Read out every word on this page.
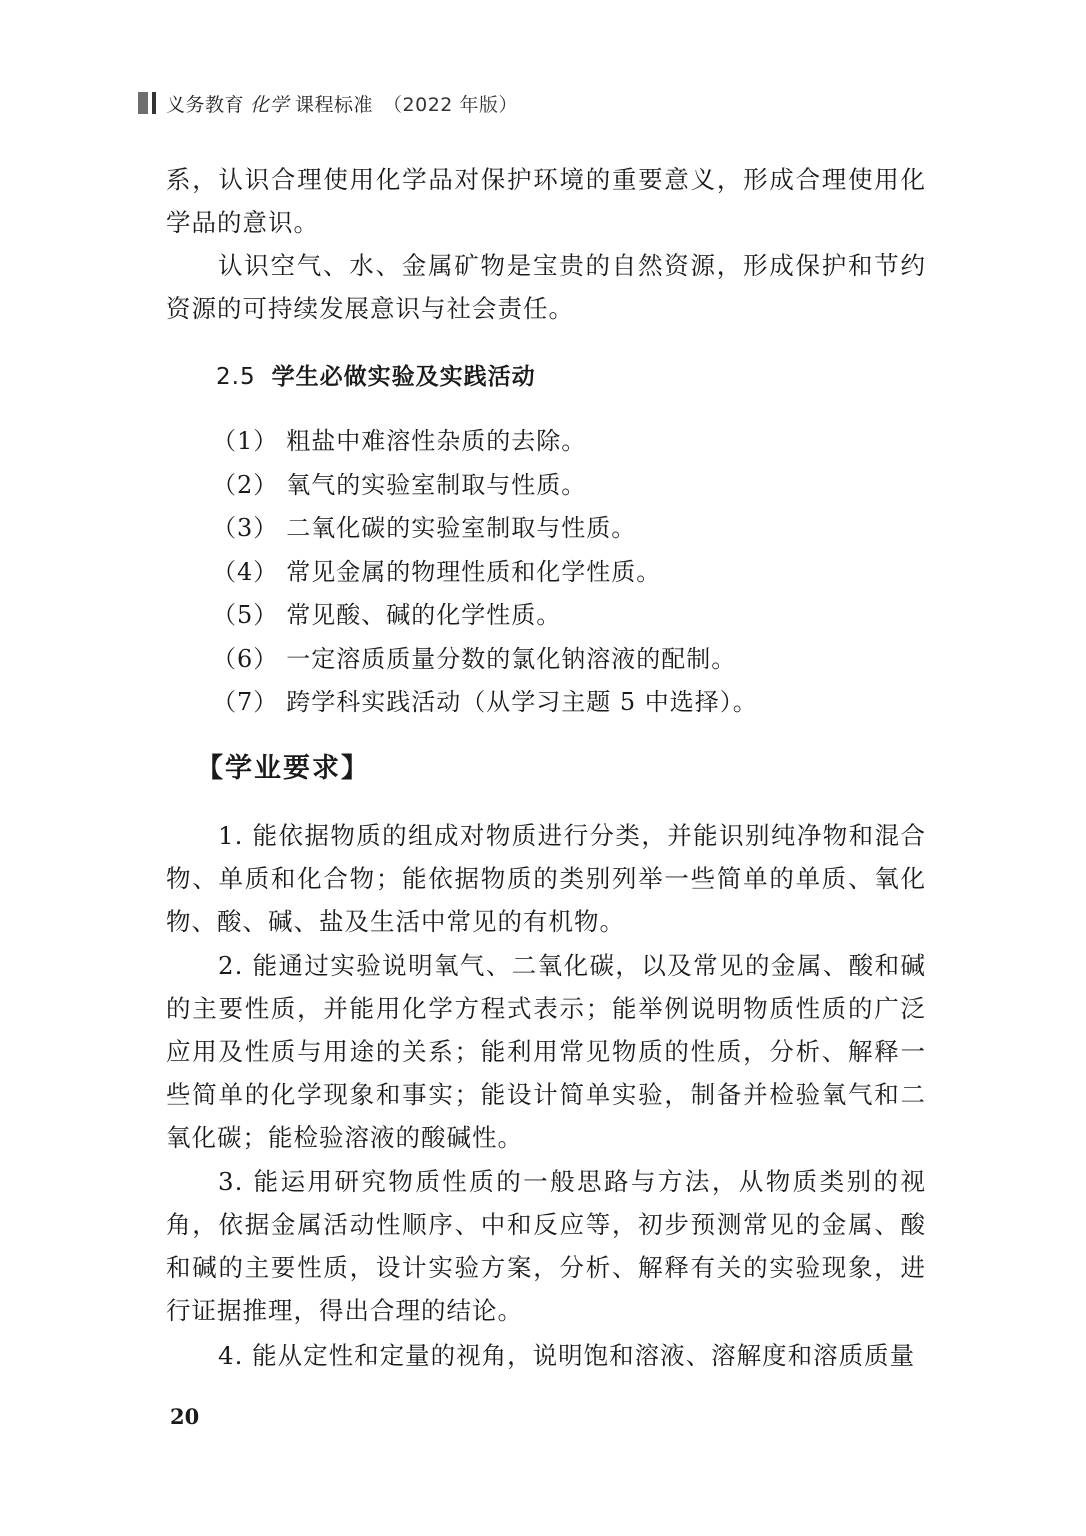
义务教育 化学 课程标准 （2022 年版）

系，认识合理使用化学品对保护环境的重要意义，形成合理使用化学品的意识。

认识空气、水、金属矿物是宝贵的自然资源，形成保护和节约资源的可持续发展意识与社会责任。

2.5 学生必做实验及实践活动
（1） 粗盐中难溶性杂质的去除。
（2） 氧气的实验室制取与性质。
（3） 二氧化碳的实验室制取与性质。
（4） 常见金属的物理性质和化学性质。
（5） 常见酸、碱的化学性质。
（6） 一定溶质质量分数的氯化钠溶液的配制。
（7） 跨学科实践活动（从学习主题 5 中选择）。
【学业要求】

1. 能依据物质的组成对物质进行分类，并能识别纯净物和混合物、单质和化合物；能依据物质的类别列举一些简单的单质、氧化物、酸、碱、盐及生活中常见的有机物。

2. 能通过实验说明氧气、二氧化碳，以及常见的金属、酸和碱的主要性质，并能用化学方程式表示；能举例说明物质性质的广泛应用及性质与用途的关系；能利用常见物质的性质，分析、解释一些简单的化学现象和事实；能设计简单实验，制备并检验氧气和二氧化碳；能检验溶液的酸碱性。

3. 能运用研究物质性质的一般思路与方法，从物质类别的视角，依据金属活动性顺序、中和反应等，初步预测常见的金属、酸和碱的主要性质，设计实验方案，分析、解释有关的实验现象，进行证据推理，得出合理的结论。

4. 能从定性和定量的视角，说明饱和溶液、溶解度和溶质质量

20
